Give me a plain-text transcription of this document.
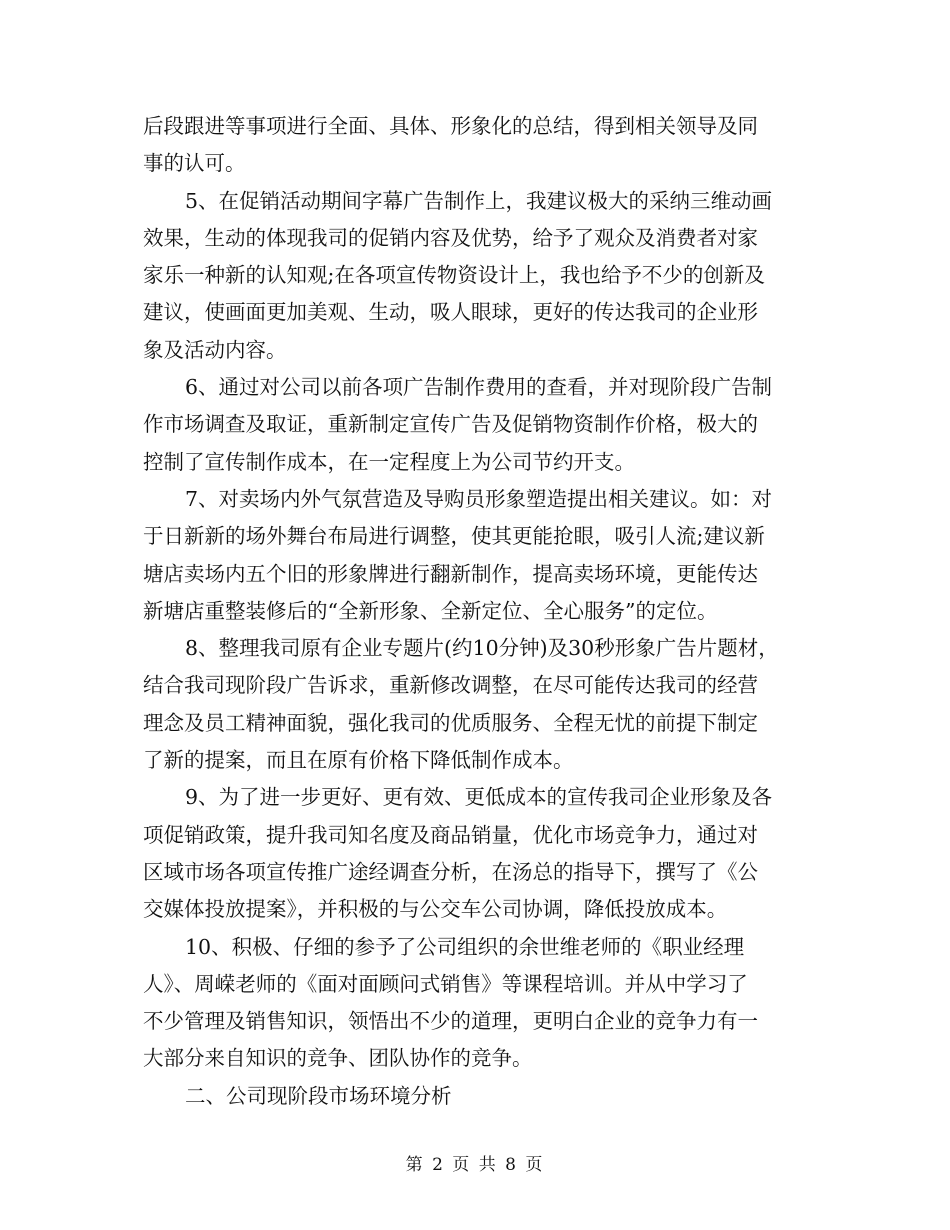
后段跟进等事项进行全面、具体、形象化的总结，得到相关领导及同
事的认可。
5、在促销活动期间字幕广告制作上，我建议极大的采纳三维动画
效果，生动的体现我司的促销内容及优势，给予了观众及消费者对家
家乐一种新的认知观;在各项宣传物资设计上，我也给予不少的创新及
建议，使画面更加美观、生动，吸人眼球，更好的传达我司的企业形
象及活动内容。
6、通过对公司以前各项广告制作费用的查看，并对现阶段广告制
作市场调查及取证，重新制定宣传广告及促销物资制作价格，极大的
控制了宣传制作成本，在一定程度上为公司节约开支。
7、对卖场内外气氛营造及导购员形象塑造提出相关建议。如：对
于日新新的场外舞台布局进行调整，使其更能抢眼，吸引人流;建议新
塘店卖场内五个旧的形象牌进行翻新制作，提高卖场环境，更能传达
新塘店重整装修后的“全新形象、全新定位、全心服务”的定位。
8、整理我司原有企业专题片(约10分钟)及30秒形象广告片题材，
结合我司现阶段广告诉求，重新修改调整，在尽可能传达我司的经营
理念及员工精神面貌，强化我司的优质服务、全程无忧的前提下制定
了新的提案，而且在原有价格下降低制作成本。
9、为了进一步更好、更有效、更低成本的宣传我司企业形象及各
项促销政策，提升我司知名度及商品销量，优化市场竞争力，通过对
区域市场各项宣传推广途经调查分析，在汤总的指导下，撰写了《公
交媒体投放提案》，并积极的与公交车公司协调，降低投放成本。
10、积极、仔细的参予了公司组织的余世维老师的《职业经理
人》、周嵘老师的《面对面顾问式销售》等课程培训。并从中学习了
不少管理及销售知识，领悟出不少的道理，更明白企业的竞争力有一
大部分来自知识的竞争、团队协作的竞争。
二、公司现阶段市场环境分析
第 2 页 共 8 页
